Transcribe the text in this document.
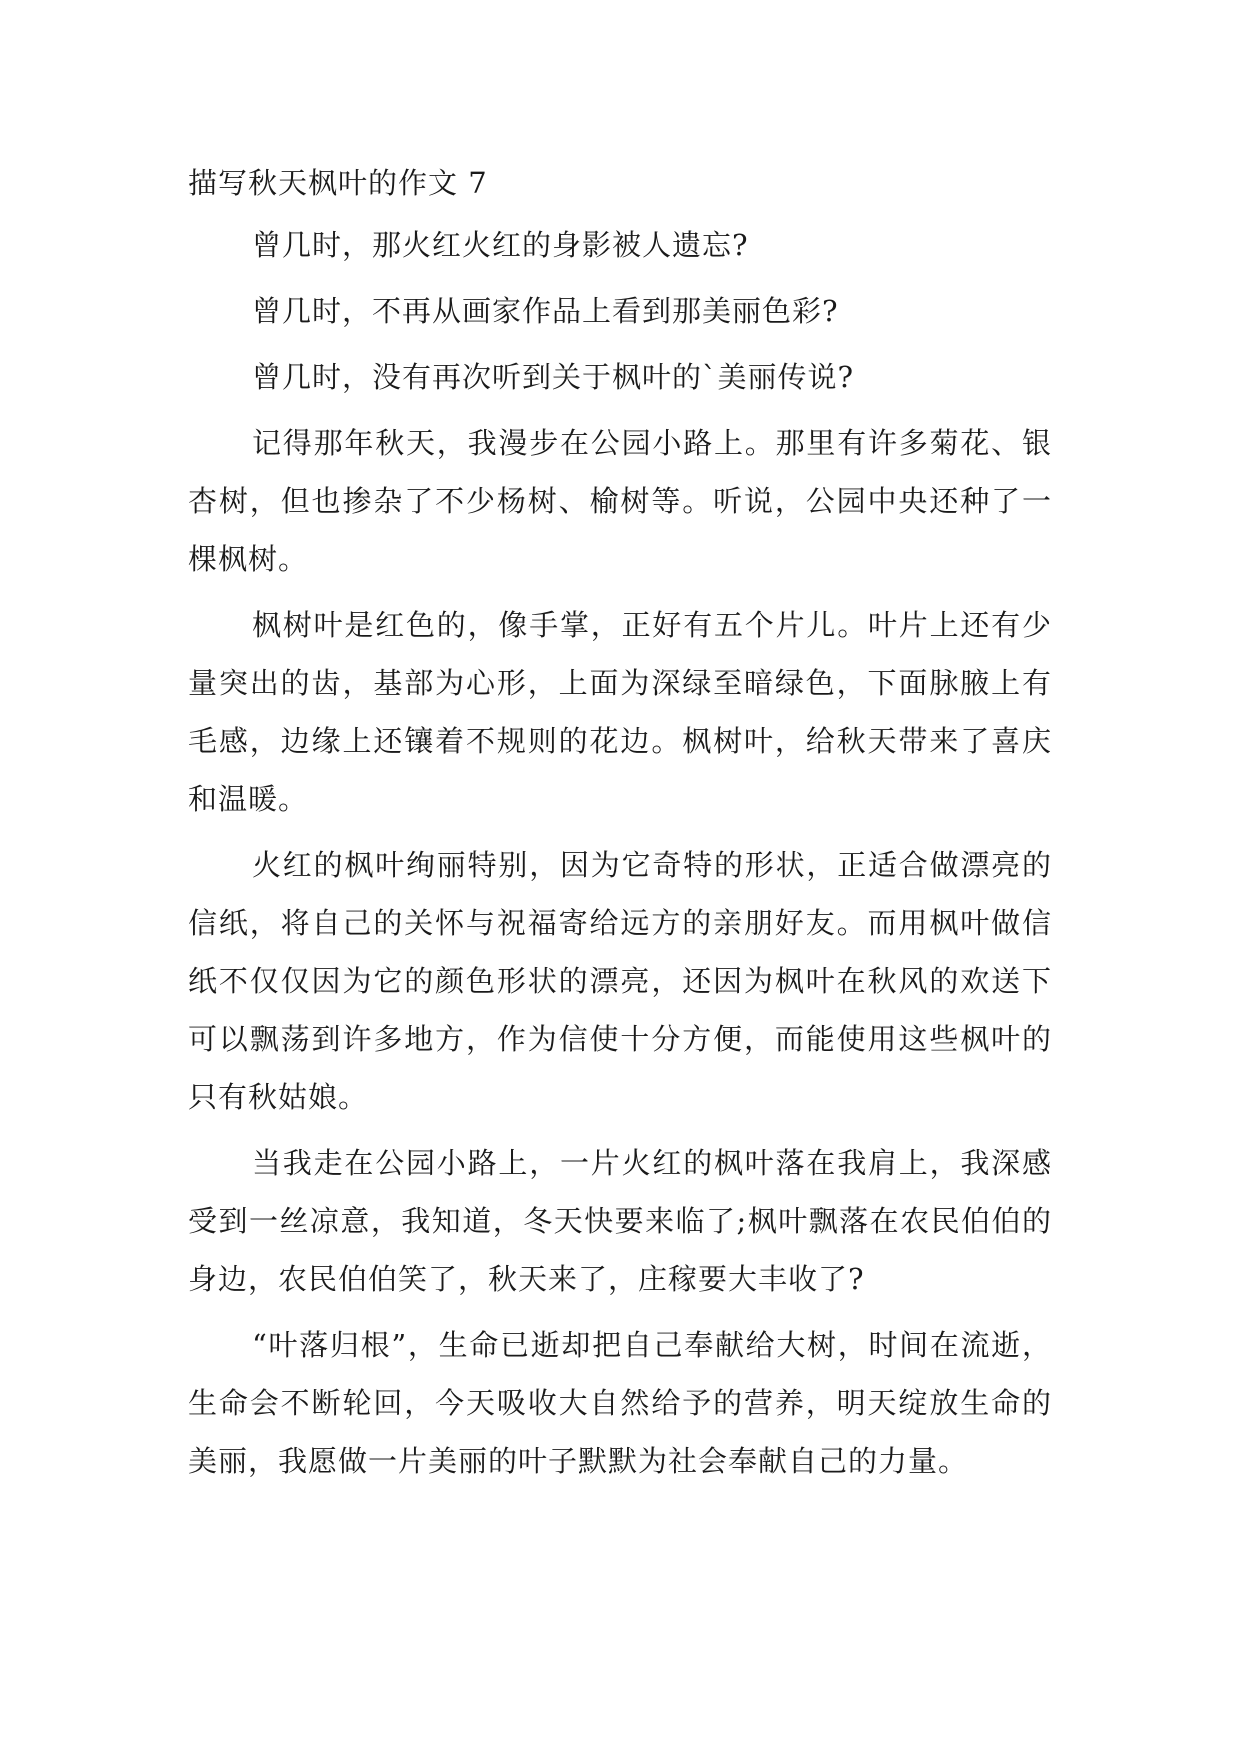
描写秋天枫叶的作文 7

曾几时，那火红火红的身影被人遗忘?

曾几时，不再从画家作品上看到那美丽色彩?

曾几时，没有再次听到关于枫叶的`美丽传说?

记得那年秋天，我漫步在公园小路上。那里有许多菊花、银杏树，但也掺杂了不少杨树、榆树等。听说，公园中央还种了一棵枫树。

枫树叶是红色的，像手掌，正好有五个片儿。叶片上还有少量突出的齿，基部为心形，上面为深绿至暗绿色，下面脉腋上有毛感，边缘上还镶着不规则的花边。枫树叶，给秋天带来了喜庆和温暖。

火红的枫叶绚丽特别，因为它奇特的形状，正适合做漂亮的信纸，将自己的关怀与祝福寄给远方的亲朋好友。而用枫叶做信纸不仅仅因为它的颜色形状的漂亮，还因为枫叶在秋风的欢送下可以飘荡到许多地方，作为信使十分方便，而能使用这些枫叶的只有秋姑娘。

当我走在公园小路上，一片火红的枫叶落在我肩上，我深感受到一丝凉意，我知道，冬天快要来临了;枫叶飘落在农民伯伯的身边，农民伯伯笑了，秋天来了，庄稼要大丰收了?

“叶落归根”，生命已逝却把自己奉献给大树，时间在流逝，生命会不断轮回，今天吸收大自然给予的营养，明天绽放生命的美丽，我愿做一片美丽的叶子默默为社会奉献自己的力量。
